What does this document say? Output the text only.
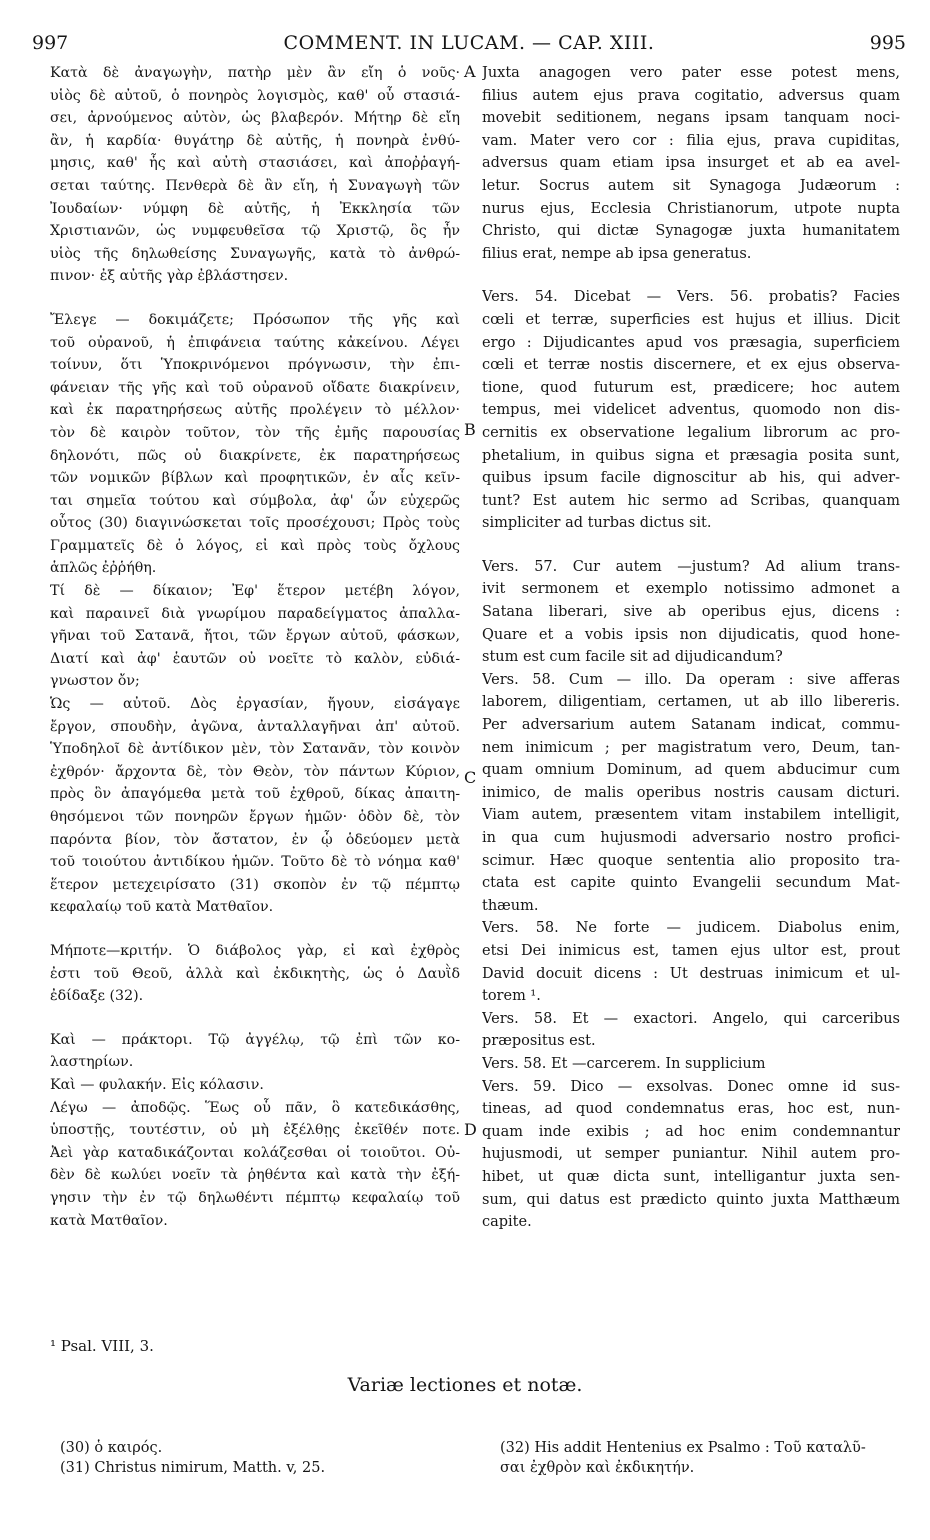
997	COMMENT. IN LUCAM. — CAP. XIII.	995
Κατὰ δὲ ἀναγωγὴν, πατὴρ μὲν ἂν εἴη ὁ νοῦς·
υἱὸς δὲ αὐτοῦ, ὁ πονηρὸς λογισμὸς, καθ' οὗ στασιά-
σει, ἀρνούμενος αὐτὸν, ὡς βλαβερόν. Μήτηρ δὲ εἴη
ἂν, ἡ καρδία· θυγάτηρ δὲ αὐτῆς, ἡ πονηρὰ ἐνθύ-
μησις, καθ' ἧς καὶ αὐτὴ στασιάσει, καὶ ἀποῤῥαγή-
σεται ταύτης. Πενθερὰ δὲ ἂν εἴη, ἡ Συναγωγὴ τῶν
Ἰουδαίων· νύμφη δὲ αὐτῆς, ἡ Ἐκκλησία τῶν
Χριστιανῶν, ὡς νυμφευθεῖσα τῷ Χριστῷ, ὃς ἦν
υἱὸς τῆς δηλωθείσης Συναγωγῆς, κατὰ τὸ ἀνθρώ-
πινον· ἐξ αὐτῆς γὰρ ἐβλάστησεν.
Ἔλεγε — δοκιμάζετε; Πρόσωπον τῆς γῆς καὶ
τοῦ οὐρανοῦ, ἡ ἐπιφάνεια ταύτης κἀκείνου. Λέγει
τοίνυν, ὅτι Ὑποκρινόμενοι πρόγνωσιν, τὴν ἐπι-
φάνειαν τῆς γῆς καὶ τοῦ οὐρανοῦ οἴδατε διακρίνειν,
καὶ ἐκ παρατηρήσεως αὐτῆς προλέγειν τὸ μέλλον·
τὸν δὲ καιρὸν τοῦτον, τὸν τῆς ἐμῆς παρουσίας
δηλονότι, πῶς οὐ διακρίνετε, ἐκ παρατηρήσεως
τῶν νομικῶν βίβλων καὶ προφητικῶν, ἐν αἷς κεῖν-
ται σημεῖα τούτου καὶ σύμβολα, ἀφ' ὧν εὐχερῶς
οὗτος (30) διαγινώσκεται τοῖς προσέχουσι; Πρὸς τοὺς
Γραμματεῖς δὲ ὁ λόγος, εἰ καὶ πρὸς τοὺς ὄχλους
ἁπλῶς ἐῤῥήθη.
Τί δὲ — δίκαιον; Ἐφ' ἕτερον μετέβη λόγον,
καὶ παραινεῖ διὰ γνωρίμου παραδείγματος ἀπαλλα-
γῆναι τοῦ Σατανᾶ, ἤτοι, τῶν ἔργων αὐτοῦ, φάσκων,
Διατί καὶ ἀφ' ἑαυτῶν οὐ νοεῖτε τὸ καλὸν, εὐδιά-
γνωστον ὄν;
Ὡς — αὐτοῦ. Δὸς ἐργασίαν, ἤγουν, εἰσάγαγε
ἔργον, σπουδὴν, ἀγῶνα, ἀνταλλαγῆναι ἀπ' αὐτοῦ.
Ὑποδηλοῖ δὲ ἀντίδικον μὲν, τὸν Σατανᾶν, τὸν κοινὸν
ἐχθρόν· ἄρχοντα δὲ, τὸν Θεὸν, τὸν πάντων Κύριον,
πρὸς ὃν ἀπαγόμεθα μετὰ τοῦ ἐχθροῦ, δίκας ἀπαιτη-
θησόμενοι τῶν πονηρῶν ἔργων ἡμῶν· ὁδὸν δὲ, τὸν
παρόντα βίον, τὸν ἄστατον, ἐν ᾧ ὁδεύομεν μετὰ
τοῦ τοιούτου ἀντιδίκου ἡμῶν. Τοῦτο δὲ τὸ νόημα καθ'
ἕτερον μετεχειρίσατο (31) σκοπὸν ἐν τῷ πέμπτῳ
κεφαλαίῳ τοῦ κατὰ Ματθαῖον.
Μήποτε—κριτήν. Ὁ διάβολος γὰρ, εἰ καὶ ἐχθρὸς
ἐστι τοῦ Θεοῦ, ἀλλὰ καὶ ἐκδικητὴς, ὡς ὁ Δαυῒδ
ἐδίδαξε (32).
Καὶ — πράκτορι. Τῷ ἀγγέλῳ, τῷ ἐπὶ τῶν κο-
λαστηρίων.
Καὶ — φυλακήν. Εἰς κόλασιν.
Λέγω — ἀποδῷς. Ἕως οὗ πᾶν, ὃ κατεδικάσθης,
ὑποστῇς, τουτέστιν, οὐ μὴ ἐξέλθῃς ἐκεῖθέν ποτε.
Ἀεὶ γὰρ καταδικάζονται κολάζεσθαι οἱ τοιοῦτοι. Οὐ-
δὲν δὲ κωλύει νοεῖν τὰ ῥηθέντα καὶ κατὰ τὴν ἐξή-
γησιν τὴν ἐν τῷ δηλωθέντι πέμπτῳ κεφαλαίῳ τοῦ
κατὰ Ματθαῖον.
Juxta anagogen vero pater esse potest mens,
filius autem ejus prava cogitatio, adversus quam
movebit seditionem, negans ipsam tanquam noci-
vam. Mater vero cor : filia ejus, prava cupiditas,
adversus quam etiam ipsa insurget et ab ea avel-
letur. Socrus autem sit Synagoga Judæorum :
nurus ejus, Ecclesia Christianorum, utpote nupta
Christo, qui dictæ Synagogæ juxta humanitatem
filius erat, nempe ab ipsa generatus.
Vers. 54. Dicebat — Vers. 56. probatis? Facies
cœli et terræ, superficies est hujus et illius. Dicit
ergo : Dijudicantes apud vos præsagia, superficiem
cœli et terræ nostis discernere, et ex ejus observa-
tione, quod futurum est, prædicere; hoc autem
tempus, mei videlicet adventus, quomodo non dis-
cernitis ex observatione legalium librorum ac pro-
phetalium, in quibus signa et præsagia posita sunt,
quibus ipsum facile dignoscitur ab his, qui adver-
tunt? Est autem hic sermo ad Scribas, quanquam
simpliciter ad turbas dictus sit.
Vers. 57. Cur autem —justum? Ad alium trans-
ivit sermonem et exemplo notissimo admonet a
Satana liberari, sive ab operibus ejus, dicens :
Quare et a vobis ipsis non dijudicatis, quod hone-
stum est cum facile sit ad dijudicandum?
Vers. 58. Cum — illo. Da operam : sive afferas
laborem, diligentiam, certamen, ut ab illo libereris.
Per adversarium autem Satanam indicat, commu-
nem inimicum ; per magistratum vero, Deum, tan-
quam omnium Dominum, ad quem abducimur cum
inimico, de malis operibus nostris causam dicturi.
Viam autem, præsentem vitam instabilem intelligit,
in qua cum hujusmodi adversario nostro profici-
scimur. Hæc quoque sententia alio proposito tra-
ctata est capite quinto Evangelii secundum Mat-
thæum.
Vers. 58. Ne forte — judicem. Diabolus enim,
etsi Dei inimicus est, tamen ejus ultor est, prout
David docuit dicens : Ut destruas inimicum et ul-
torem ¹.
Vers. 58. Et — exactori. Angelo, qui carceribus
præpositus est.
Vers. 58. Et —carcerem. In supplicium
Vers. 59. Dico — exsolvas. Donec omne id sus-
tineas, ad quod condemnatus eras, hoc est, nun-
quam inde exibis ; ad hoc enim condemnantur
hujusmodi, ut semper puniantur. Nihil autem pro-
hibet, ut quæ dicta sunt, intelligantur juxta sen-
sum, qui datus est prædicto quinto juxta Matthæum
capite.
A
B
C
D
¹ Psal. VIII, 3.
Variæ lectiones et notæ.
(30) ὁ καιρός.
(31) Christus nimirum, Matth. v, 25.
(32) His addit Hentenius ex Psalmo : Τοῦ καταλῦ-
σαι ἐχθρὸν καὶ ἐκδικητήν.
